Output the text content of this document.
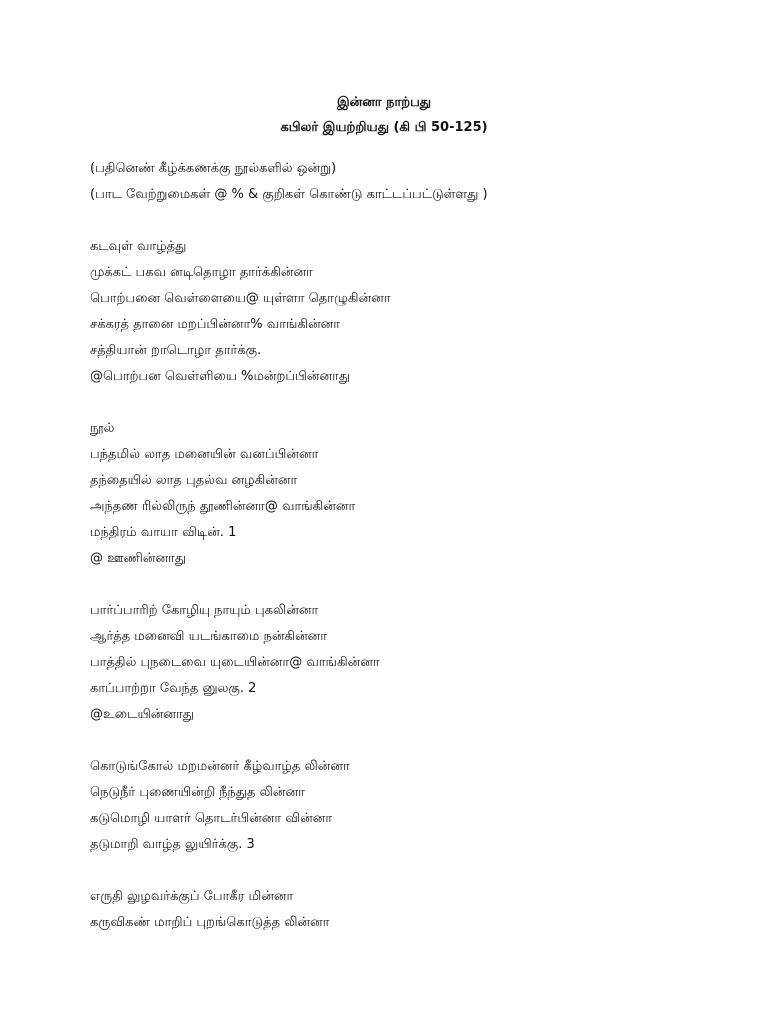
இன்னா நாற்பது
கபிலர் இயற்றியது (கி பி 50-125)
(பதினெண் கீழ்க்கணக்கு நூல்களில் ஒன்று)
(பாட வேற்றுமைகள் @ % & குறிகள் கொண்டு காட்டப்பட்டுள்ளது )
கடவுள் வாழ்த்து
முக்கட் பகவ னடிதொழா தார்க்கின்னா
பொற்பனை வெள்ளையை@ யுள்ளா தொழுகின்னா
சக்கரத் தானை மறப்பின்னா% வாங்கின்னா
சத்தியான் றாடொழா தார்க்கு.
@பொற்பன வெள்ளியை %மன்றப்பின்னாது
நூல்
பந்தமில் லாத மனையின் வனப்பின்னா
தந்தையில் லாத புதல்வ னழகின்னா
அந்தண ரில்லிருந் தூணின்னா@ வாங்கின்னா
மந்திரம் வாயா விடின். 1
@ ஊணின்னாது
பார்ப்பாரிற் கோழியு நாயும் புகலின்னா
ஆர்த்த மனைவி யடங்காமை நன்கின்னா
பாத்தில் புநடைவை யுடையின்னா@ வாங்கின்னா
காப்பாற்றா வேந்த னுலகு. 2
@உடையின்னாது
கொடுங்கோல் மறமன்னர் கீழ்வாழ்த லின்னா
நெடுநீர் புணையின்றி நீந்துத லின்னா
கடுமொழி யாளர் தொடர்பின்னா வின்னா
தடுமாறி வாழ்த லுயிர்க்கு. 3
எருதி லுழவர்க்குப் போகீர மின்னா
கருவிகண் மாறிப் புறங்கொடுத்த லின்னா
